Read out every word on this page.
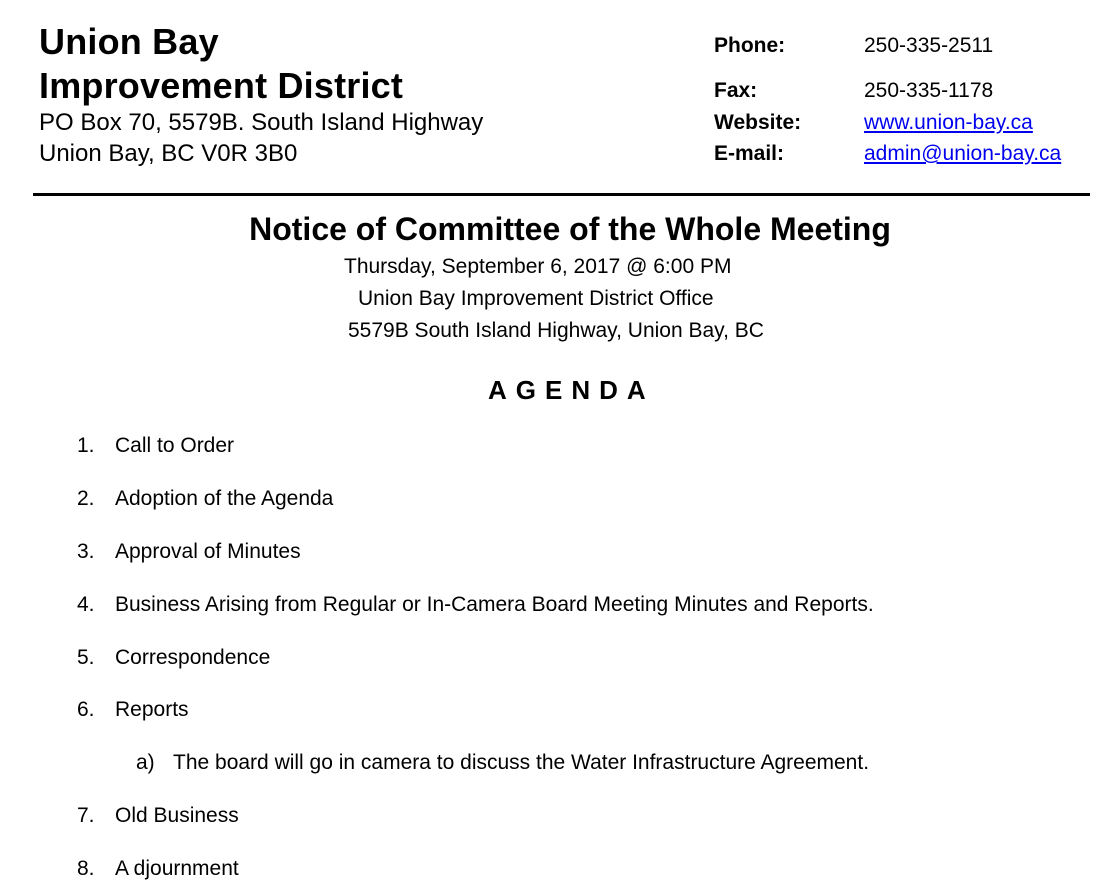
Union Bay
Improvement District
PO Box 70, 5579B. South Island Highway
Union Bay, BC V0R 3B0
Phone:	250-335-2511
Fax:	250-335-1178
Website:	www.union-bay.ca
E-mail:	admin@union-bay.ca
Notice of Committee of the Whole Meeting
Thursday, September 6, 2017 @ 6:00 PM
Union Bay Improvement District Office
5579B South Island Highway, Union Bay, BC
AGENDA
1. Call to Order
2. Adoption of the Agenda
3. Approval of Minutes
4. Business Arising from Regular or In-Camera Board Meeting Minutes and Reports.
5. Correspondence
6. Reports
a) The board will go in camera to discuss the Water Infrastructure Agreement.
7. Old Business
8. A djournment
